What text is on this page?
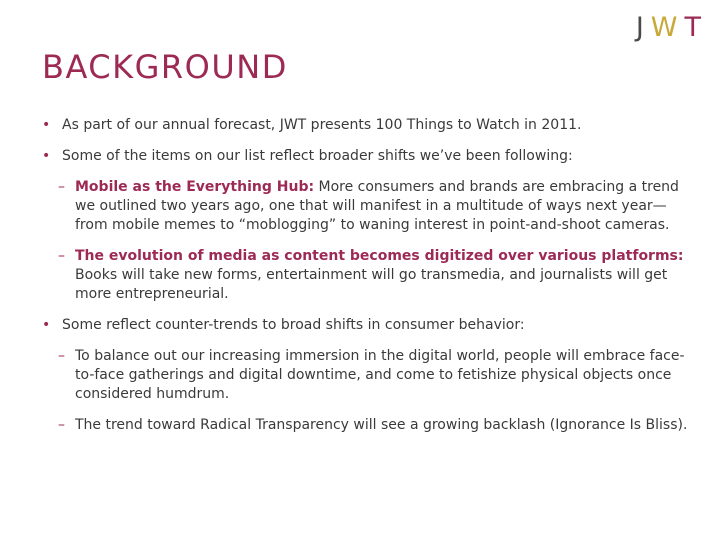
JWT
BACKGROUND
• As part of our annual forecast, JWT presents 100 Things to Watch in 2011.
• Some of the items on our list reflect broader shifts we’ve been following:
– Mobile as the Everything Hub: More consumers and brands are embracing a trend we outlined two years ago, one that will manifest in a multitude of ways next year—from mobile memes to “moblogging” to waning interest in point-and-shoot cameras.
– The evolution of media as content becomes digitized over various platforms: Books will take new forms, entertainment will go transmedia, and journalists will get more entrepreneurial.
• Some reflect counter-trends to broad shifts in consumer behavior:
– To balance out our increasing immersion in the digital world, people will embrace face-to-face gatherings and digital downtime, and come to fetishize physical objects once considered humdrum.
– The trend toward Radical Transparency will see a growing backlash (Ignorance Is Bliss).
